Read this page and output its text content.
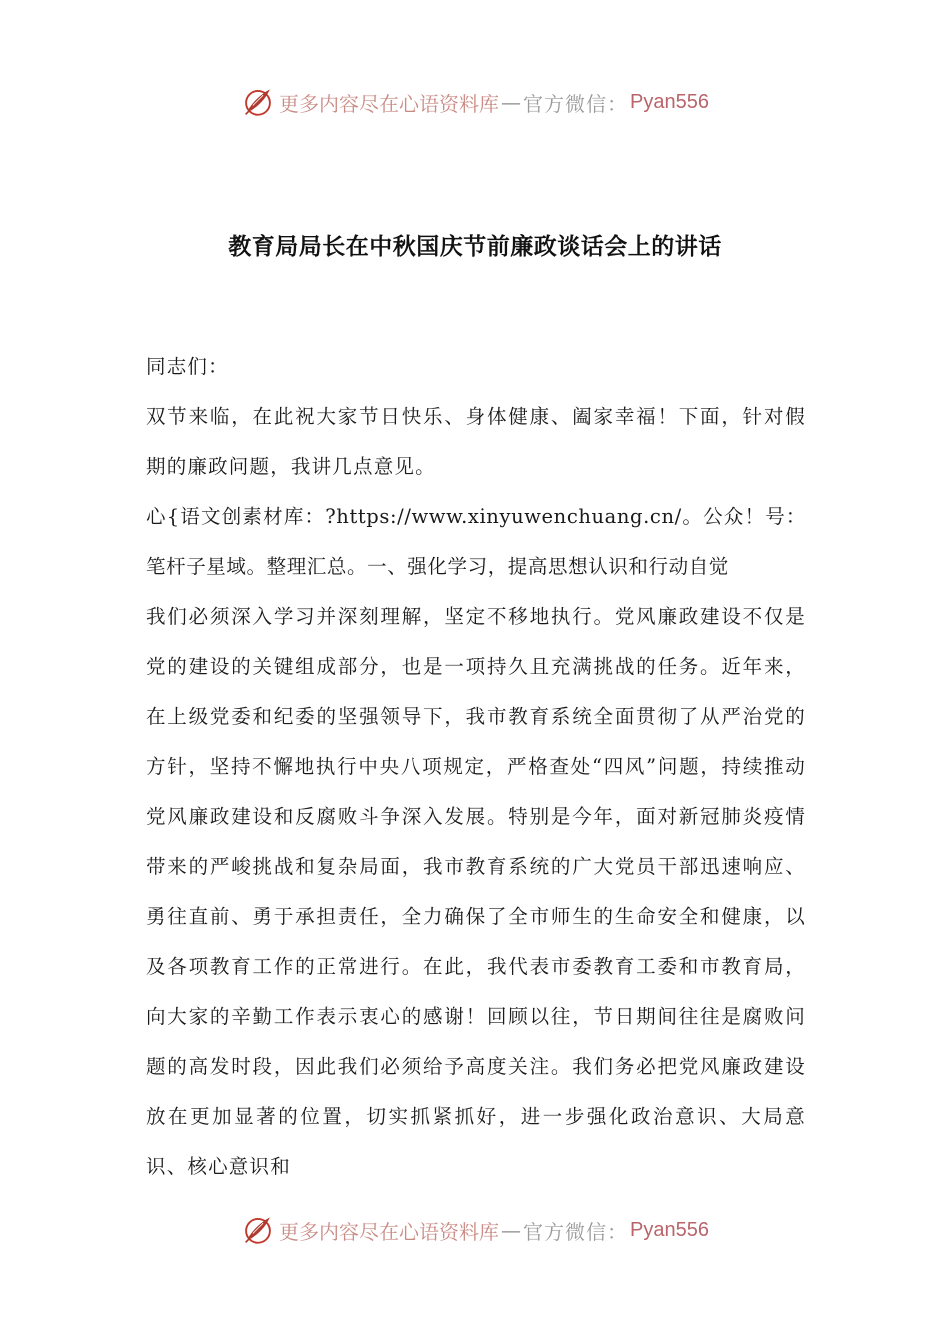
更多内容尽在心语资料库 — 官方微信： Pyan556
教育局局长在中秋国庆节前廉政谈话会上的讲话

同志们：

双节来临，在此祝大家节日快乐、身体健康、阖家幸福！下面，针对假期的廉政问题，我讲几点意见。

心{语文创素材库：?https://www.xinyuwenchuang.cn/。公众！号：笔杆子星域。整理汇总。一、强化学习，提高思想认识和行动自觉

我们必须深入学习并深刻理解，坚定不移地执行。党风廉政建设不仅是党的建设的关键组成部分，也是一项持久且充满挑战的任务。近年来，在上级党委和纪委的坚强领导下，我市教育系统全面贯彻了从严治党的方针，坚持不懈地执行中央八项规定，严格查处“四风”问题，持续推动党风廉政建设和反腐败斗争深入发展。特别是今年，面对新冠肺炎疫情带来的严峻挑战和复杂局面，我市教育系统的广大党员干部迅速响应、勇往直前、勇于承担责任，全力确保了全市师生的生命安全和健康，以及各项教育工作的正常进行。在此，我代表市委教育工委和市教育局，向大家的辛勤工作表示衷心的感谢！回顾以往，节日期间往往是腐败问题的高发时段，因此我们必须给予高度关注。我们务必把党风廉政建设放在更加显著的位置，切实抓紧抓好，进一步强化政治意识、大局意识、核心意识和

更多内容尽在心语资料库 — 官方微信： Pyan556
